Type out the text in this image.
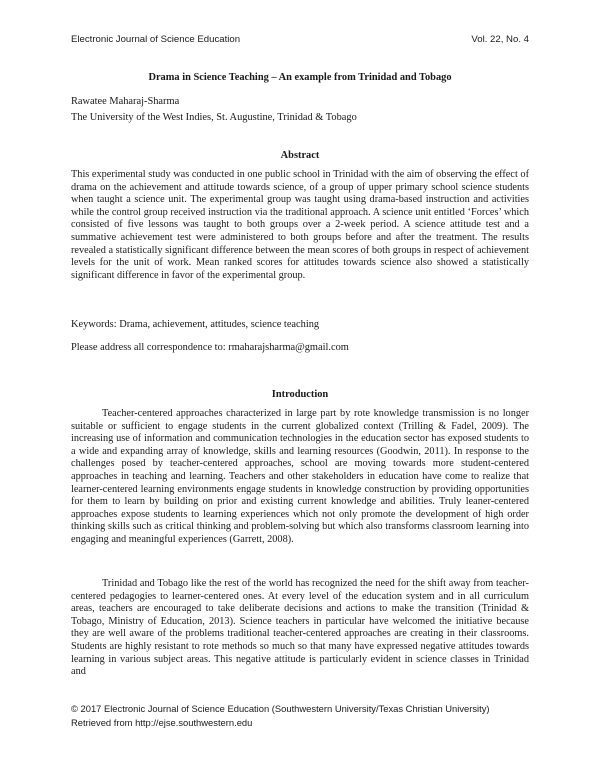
Electronic Journal of Science Education	Vol. 22, No. 4
Drama in Science Teaching – An example from Trinidad and Tobago
Rawatee Maharaj-Sharma
The University of the West Indies, St. Augustine, Trinidad & Tobago
Abstract

This experimental study was conducted in one public school in Trinidad with the aim of observing the effect of drama on the achievement and attitude towards science, of a group of upper primary school science students when taught a science unit. The experimental group was taught using drama-based instruction and activities while the control group received instruction via the traditional approach. A science unit entitled ‘Forces’ which consisted of five lessons was taught to both groups over a 2-week period. A science attitude test and a summative achievement test were administered to both groups before and after the treatment. The results revealed a statistically significant difference between the mean scores of both groups in respect of achievement levels for the unit of work. Mean ranked scores for attitudes towards science also showed a statistically significant difference in favor of the experimental group.

Keywords: Drama, achievement, attitudes, science teaching
Please address all correspondence to: rmaharajsharma@gmail.com
Introduction

Teacher-centered approaches characterized in large part by rote knowledge transmission is no longer suitable or sufficient to engage students in the current globalized context (Trilling & Fadel, 2009). The increasing use of information and communication technologies in the education sector has exposed students to a wide and expanding array of knowledge, skills and learning resources (Goodwin, 2011). In response to the challenges posed by teacher-centered approaches, school are moving towards more student-centered approaches in teaching and learning. Teachers and other stakeholders in education have come to realize that learner-centered learning environments engage students in knowledge construction by providing opportunities for them to learn by building on prior and existing current knowledge and abilities. Truly leaner-centered approaches expose students to learning experiences which not only promote the development of high order thinking skills such as critical thinking and problem-solving but which also transforms classroom learning into engaging and meaningful experiences (Garrett, 2008).

Trinidad and Tobago like the rest of the world has recognized the need for the shift away from teacher-centered pedagogies to learner-centered ones. At every level of the education system and in all curriculum areas, teachers are encouraged to take deliberate decisions and actions to make the transition (Trinidad & Tobago, Ministry of Education, 2013). Science teachers in particular have welcomed the initiative because they are well aware of the problems traditional teacher-centered approaches are creating in their classrooms. Students are highly resistant to rote methods so much so that many have expressed negative attitudes towards learning in various subject areas. This negative attitude is particularly evident in science classes in Trinidad and

© 2017 Electronic Journal of Science Education (Southwestern University/Texas Christian University)
Retrieved from http://ejse.southwestern.edu
